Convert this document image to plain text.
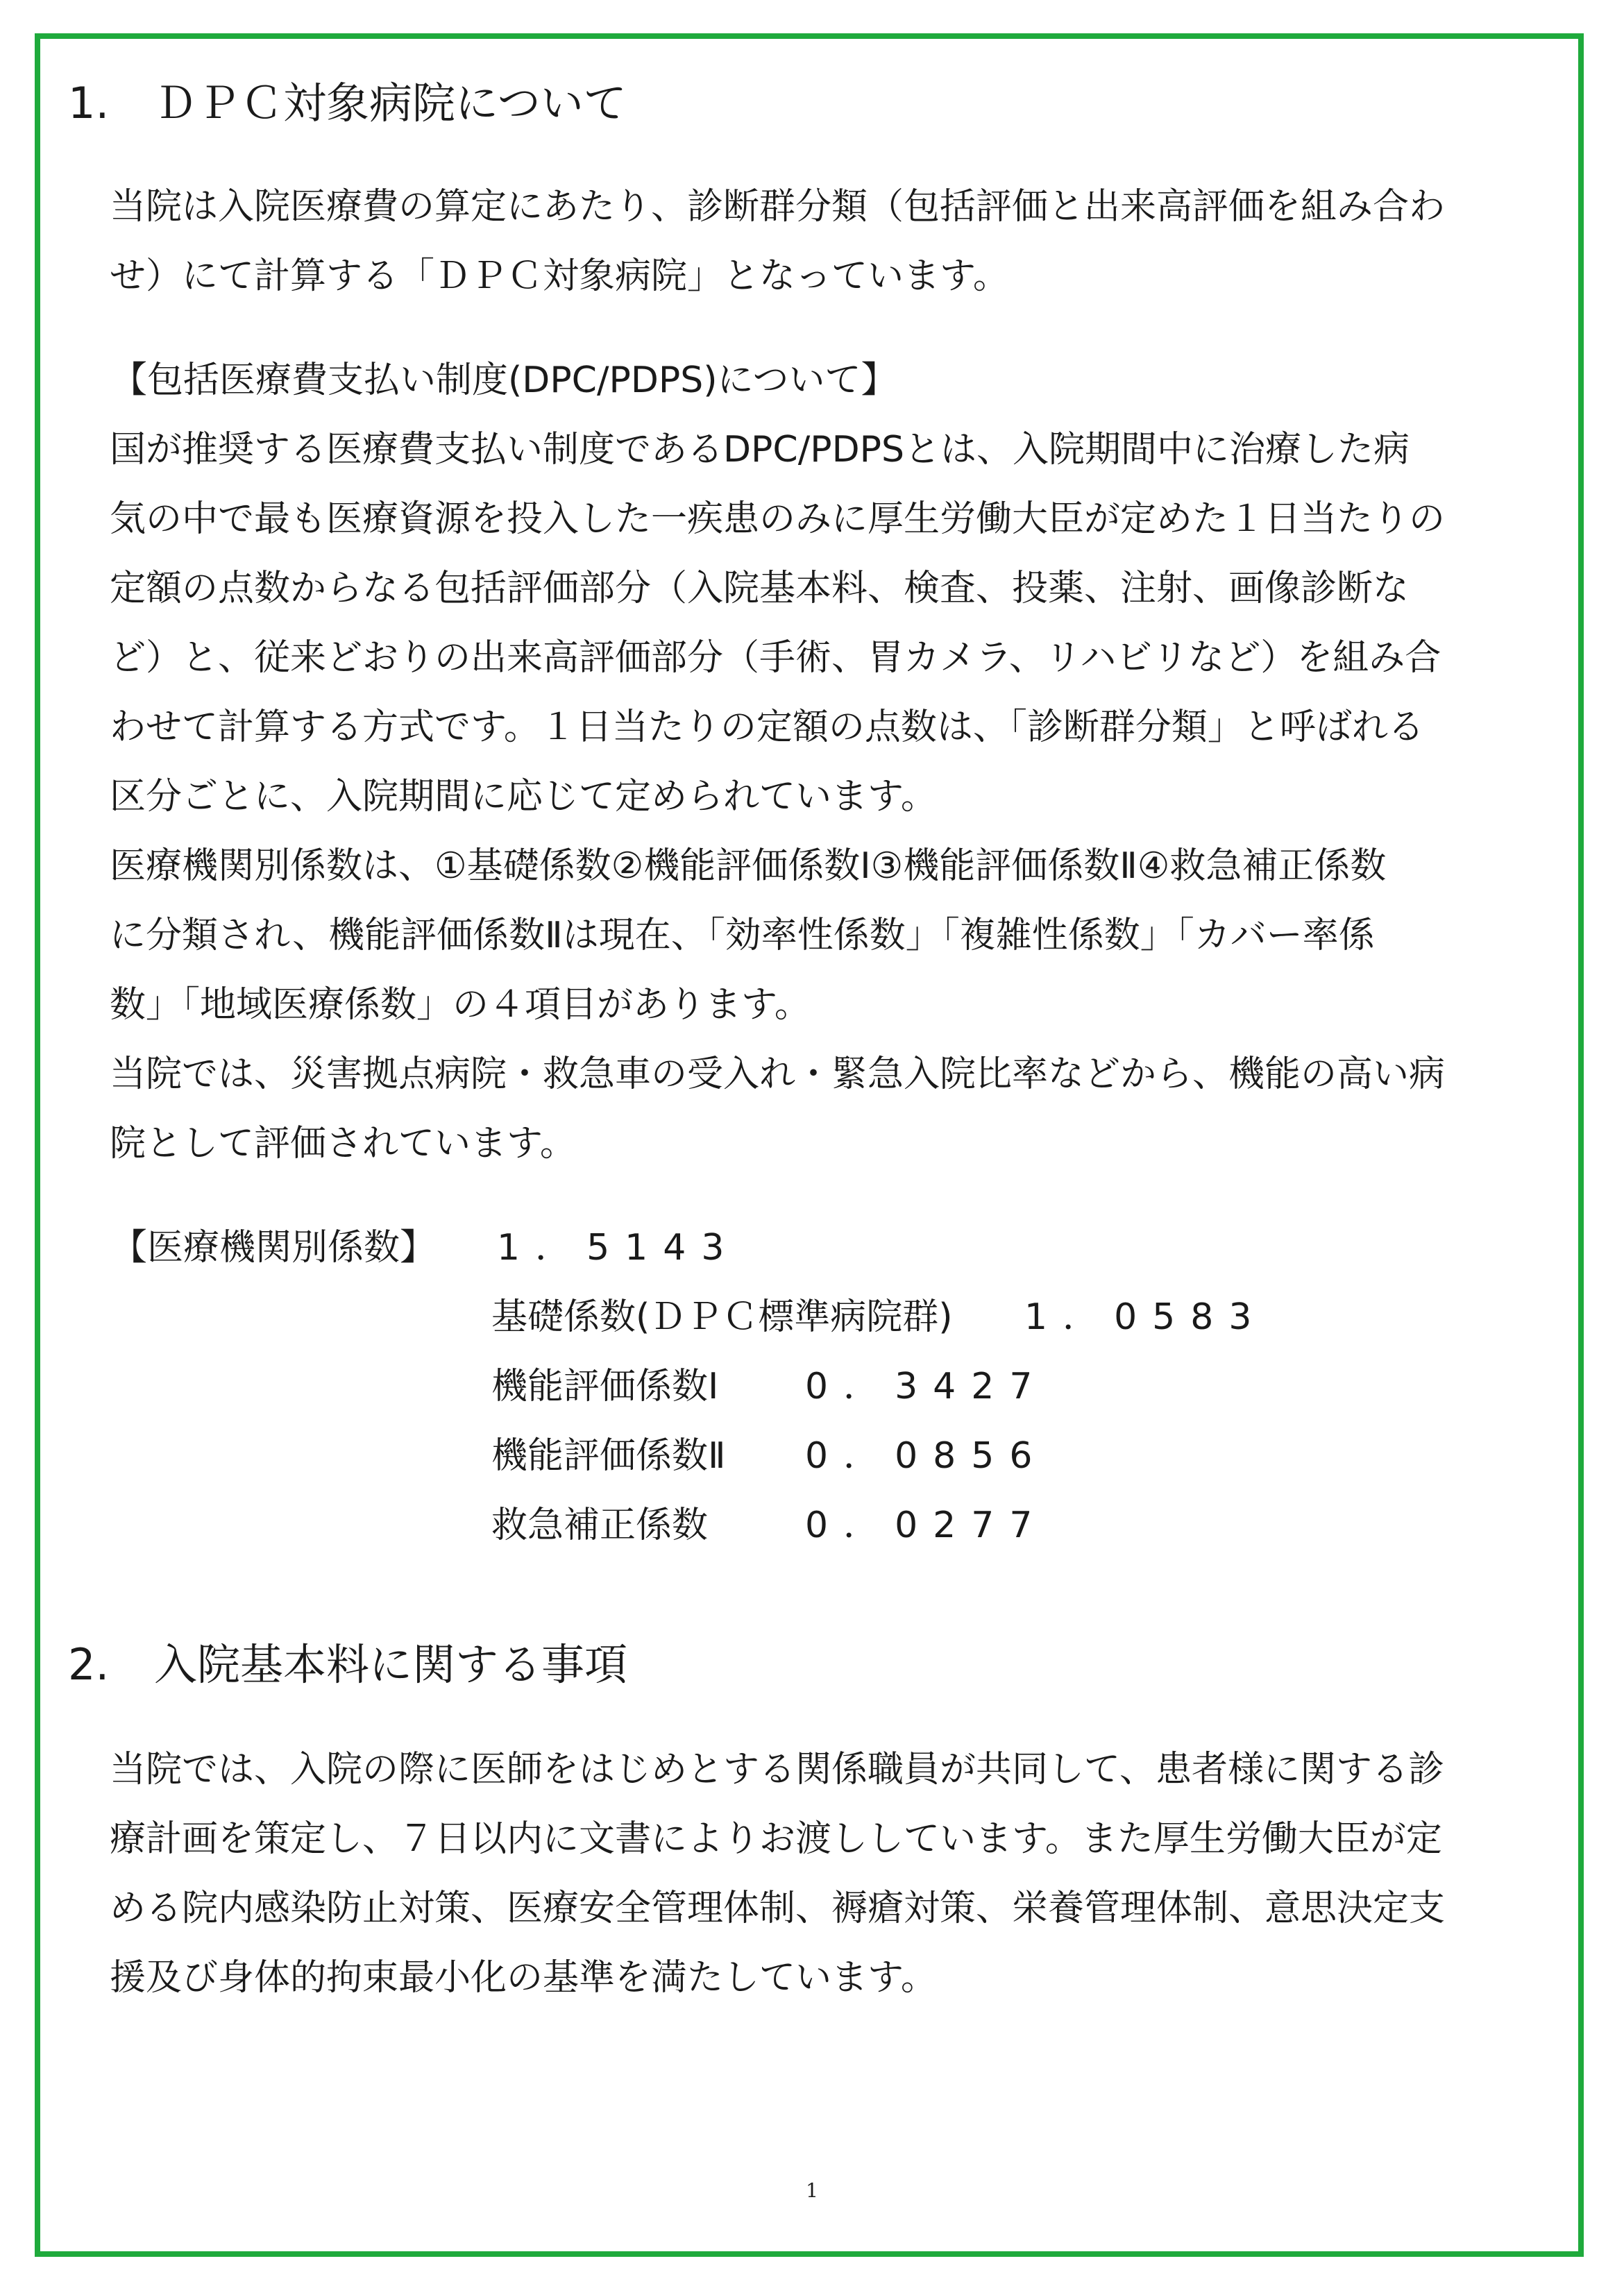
1. ＤＰＣ対象病院について
当院は入院医療費の算定にあたり、診断群分類（包括評価と出来高評価を組み合わ
せ）にて計算する「ＤＰＣ対象病院」となっています。
【包括医療費支払い制度(DPC/PDPS)について】
国が推奨する医療費支払い制度であるDPC/PDPSとは、入院期間中に治療した病
気の中で最も医療資源を投入した一疾患のみに厚生労働大臣が定めた１日当たりの
定額の点数からなる包括評価部分（入院基本料、検査、投薬、注射、画像診断な
ど）と、従来どおりの出来高評価部分（手術、胃カメラ、リハビリなど）を組み合
わせて計算する方式です。１日当たりの定額の点数は、「診断群分類」と呼ばれる
区分ごとに、入院期間に応じて定められています。
医療機関別係数は、①基礎係数②機能評価係数Ⅰ③機能評価係数Ⅱ④救急補正係数
に分類され、機能評価係数Ⅱは現在、「効率性係数」「複雑性係数」「カバー率係
数」「地域医療係数」の４項目があります。
当院では、災害拠点病院・救急車の受入れ・緊急入院比率などから、機能の高い病
院として評価されています。
【医療機関別係数】 1．5143
基礎係数(ＤＰＣ標準病院群) 1．0583
機能評価係数Ⅰ 0．3427
機能評価係数Ⅱ 0．0856
救急補正係数	0．0277
2. 入院基本料に関する事項
当院では、入院の際に医師をはじめとする関係職員が共同して、患者様に関する診
療計画を策定し、７日以内に文書によりお渡ししています。また厚生労働大臣が定
める院内感染防止対策、医療安全管理体制、褥瘡対策、栄養管理体制、意思決定支
援及び身体的拘束最小化の基準を満たしています。
1
